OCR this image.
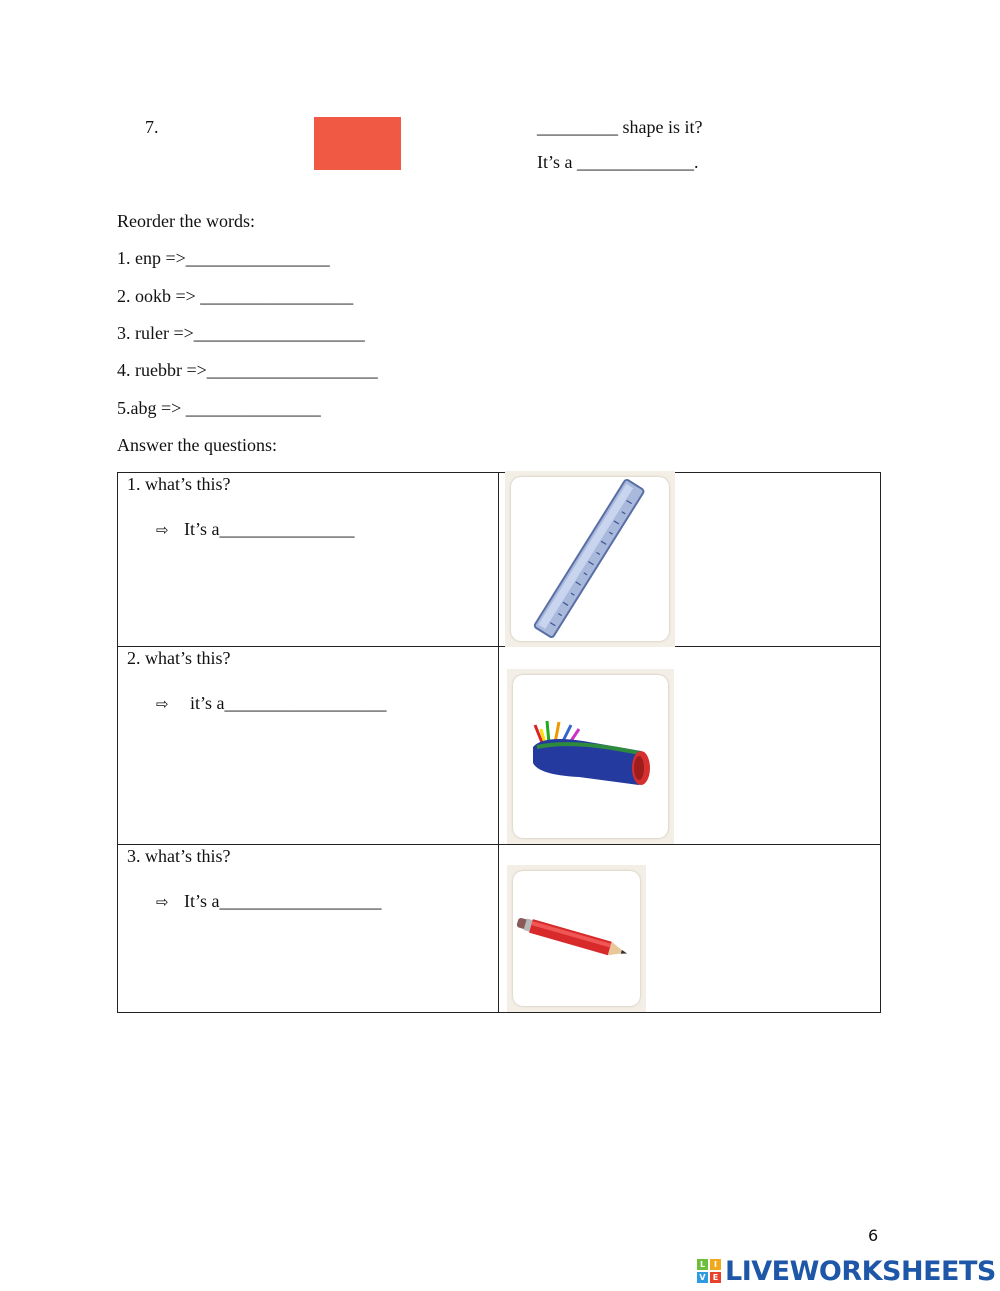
7.	_________ shape is it?
It’s a _____________.
Reorder the words:
1. enp =>________________
2. ookb => _________________
3. ruler =>___________________
4. ruebbr =>___________________
5.abg => _______________
Answer the questions:
1. what’s this?
⇨ It’s a_______________

2. what’s this?
⇨ it’s a__________________

3. what’s this?
⇨ It’s a__________________

6
L	I
V E LIVEWORKSHEETS
